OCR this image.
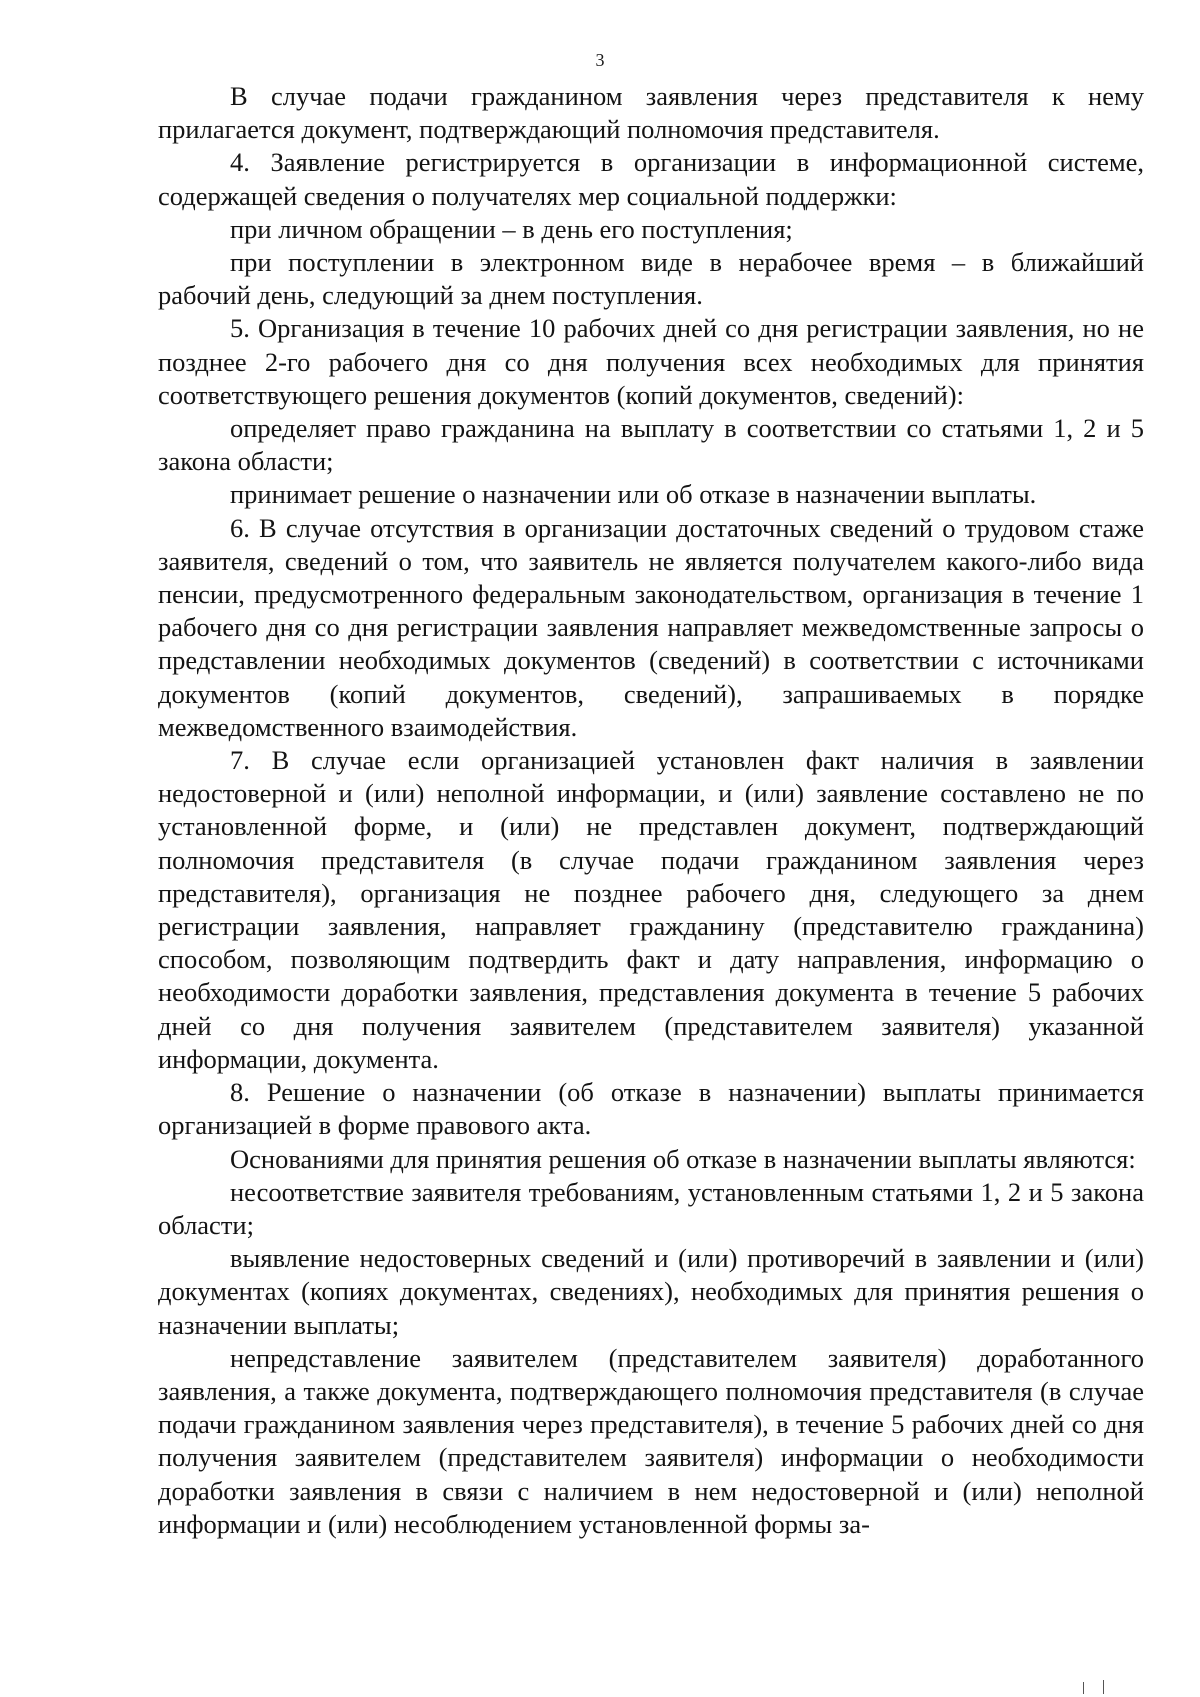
3

В случае подачи гражданином заявления через представителя к нему прилагается документ, подтверждающий полномочия представителя.

4. Заявление регистрируется в организации в информационной системе, содержащей сведения о получателях мер социальной поддержки:

при личном обращении – в день его поступления;

при поступлении в электронном виде в нерабочее время – в ближайший рабочий день, следующий за днем поступления.

5. Организация в течение 10 рабочих дней со дня регистрации заявления, но не позднее 2-го рабочего дня со дня получения всех необходимых для принятия соответствующего решения документов (копий документов, сведений):

определяет право гражданина на выплату в соответствии со статьями 1, 2 и 5 закона области;

принимает решение о назначении или об отказе в назначении выплаты.

6. В случае отсутствия в организации достаточных сведений о трудовом стаже заявителя, сведений о том, что заявитель не является получателем какого-либо вида пенсии, предусмотренного федеральным законодательством, организация в течение 1 рабочего дня со дня регистрации заявления направляет межведомственные запросы о представлении необходимых документов (сведений) в соответствии с источниками документов (копий документов, сведений), запрашиваемых в порядке межведомственного взаимодействия.

7. В случае если организацией установлен факт наличия в заявлении недостоверной и (или) неполной информации, и (или) заявление составлено не по установленной форме, и (или) не представлен документ, подтверждающий полномочия представителя (в случае подачи гражданином заявления через представителя), организация не позднее рабочего дня, следующего за днем регистрации заявления, направляет гражданину (представителю гражданина) способом, позволяющим подтвердить факт и дату направления, информацию о необходимости доработки заявления, представления документа в течение 5 рабочих дней со дня получения заявителем (представителем заявителя) указанной информации, документа.

8. Решение о назначении (об отказе в назначении) выплаты принимается организацией в форме правового акта.

Основаниями для принятия решения об отказе в назначении выплаты являются:

несоответствие заявителя требованиям, установленным статьями 1, 2 и 5 закона области;

выявление недостоверных сведений и (или) противоречий в заявлении и (или) документах (копиях документах, сведениях), необходимых для принятия решения о назначении выплаты;

непредставление заявителем (представителем заявителя) доработанного заявления, а также документа, подтверждающего полномочия представителя (в случае подачи гражданином заявления через представителя), в течение 5 рабочих дней со дня получения заявителем (представителем заявителя) информации о необходимости доработки заявления в связи с наличием в нем недостоверной и (или) неполной информации и (или) несоблюдением установленной формы за-
